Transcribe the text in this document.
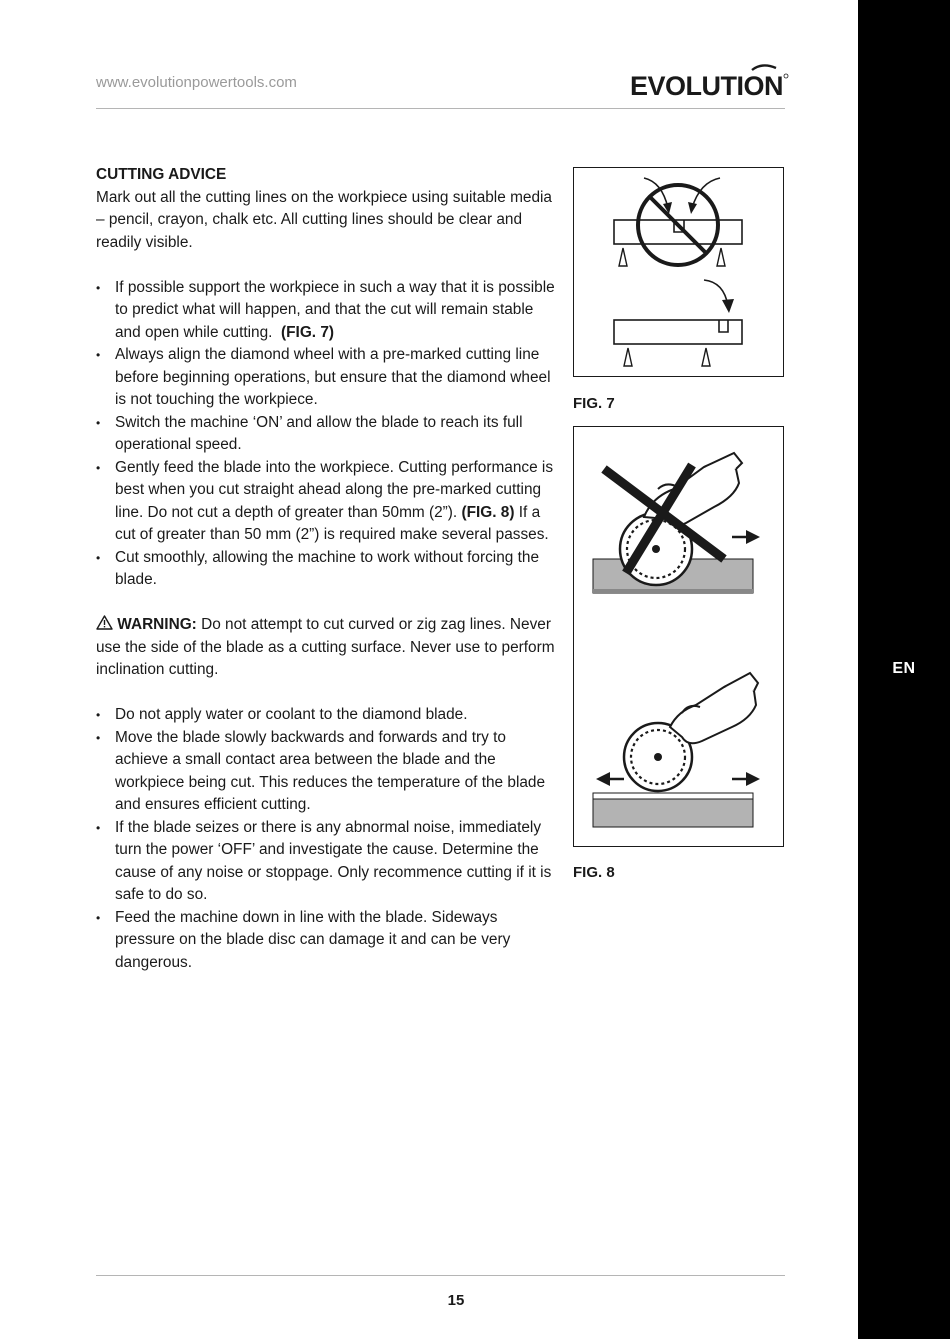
www.evolutionpowertools.com	EVOLUTION
EN
CUTTING ADVICE

Mark out all the cutting lines on the workpiece using suitable media – pencil, crayon, chalk etc. All cutting lines should be clear and readily visible.

• If possible support the workpiece in such a way that it is possible to predict what will happen, and that the cut will remain stable and open while cutting. (FIG. 7)
• Always align the diamond wheel with a pre-marked cutting line before beginning operations, but ensure that the diamond wheel is not touching the workpiece.
• Switch the machine ‘ON’ and allow the blade to reach its full operational speed.
• Gently feed the blade into the workpiece. Cutting performance is best when you cut straight ahead along the pre-marked cutting line. Do not cut a depth of greater than 50mm (2”). (FIG. 8) If a cut of greater than 50 mm (2”) is required make several passes.
• Cut smoothly, allowing the machine to work without forcing the blade.

WARNING: Do not attempt to cut curved or zig zag lines. Never use the side of the blade as a cutting surface. Never use to perform inclination cutting.

• Do not apply water or coolant to the diamond blade.
• Move the blade slowly backwards and forwards and try to achieve a small contact area between the blade and the workpiece being cut. This reduces the temperature of the blade and ensures efficient cutting.
• If the blade seizes or there is any abnormal noise, immediately turn the power ‘OFF’ and investigate the cause. Determine the cause of any noise or stoppage. Only recommence cutting if it is safe to do so.
• Feed the machine down in line with the blade. Sideways pressure on the blade disc can damage it and can be very dangerous.
FIG. 7
FIG. 8
15
